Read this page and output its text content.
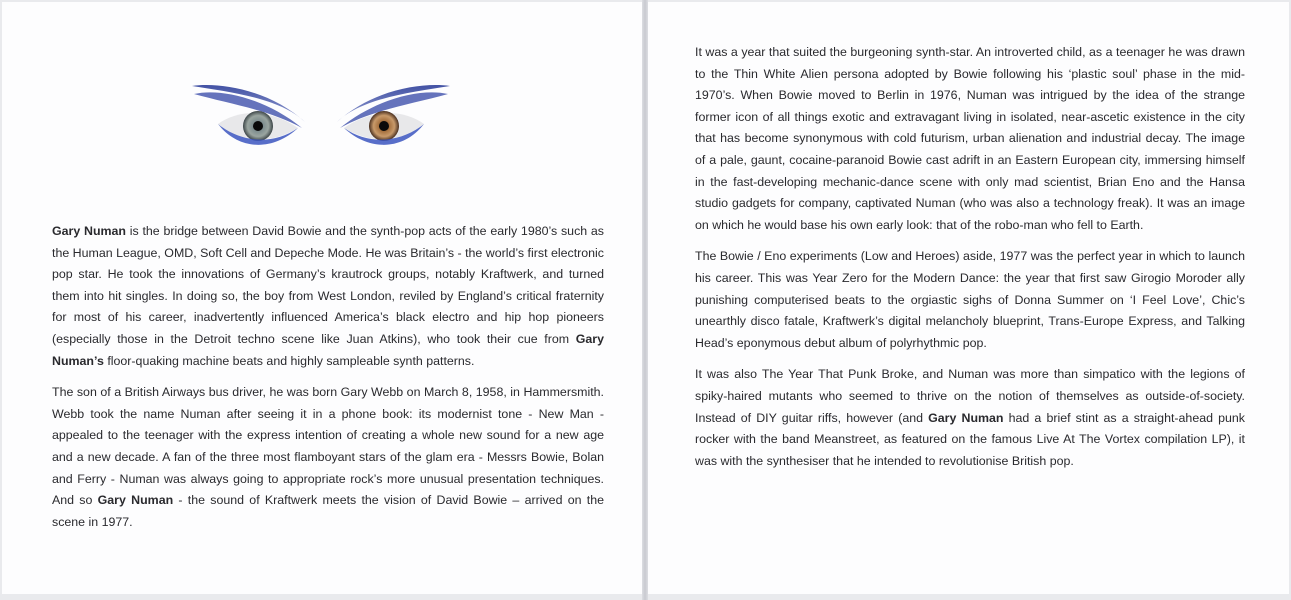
Gary Numan is the bridge between David Bowie and the synth-pop acts of the early 1980’s such as the Human League, OMD, Soft Cell and Depeche Mode. He was Britain’s - the world’s first electronic pop star. He took the innovations of Germany’s krautrock groups, notably Kraftwerk, and turned them into hit singles. In doing so, the boy from West London, reviled by England’s critical fraternity for most of his career, inadvertently influenced America’s black electro and hip hop pioneers (especially those in the Detroit techno scene like Juan Atkins), who took their cue from Gary Numan’s floor-quaking machine beats and highly sampleable synth patterns.

The son of a British Airways bus driver, he was born Gary Webb on March 8, 1958, in Hammersmith. Webb took the name Numan after seeing it in a phone book: its modernist tone - New Man - appealed to the teenager with the express intention of creating a whole new sound for a new age and a new decade. A fan of the three most flamboyant stars of the glam era - Messrs Bowie, Bolan and Ferry - Numan was always going to appropriate rock’s more unusual presentation techniques. And so Gary Numan - the sound of Kraftwerk meets the vision of David Bowie – arrived on the scene in 1977.

It was a year that suited the burgeoning synth-star. An introverted child, as a teenager he was drawn to the Thin White Alien persona adopted by Bowie following his ‘plastic soul’ phase in the mid-1970’s. When Bowie moved to Berlin in 1976, Numan was intrigued by the idea of the strange former icon of all things exotic and extravagant living in isolated, near-ascetic existence in the city that has become synonymous with cold futurism, urban alienation and industrial decay. The image of a pale, gaunt, cocaine-paranoid Bowie cast adrift in an Eastern European city, immersing himself in the fast-developing mechanic-dance scene with only mad scientist, Brian Eno and the Hansa studio gadgets for company, captivated Numan (who was also a technology freak). It was an image on which he would base his own early look: that of the robo-man who fell to Earth.

The Bowie / Eno experiments (Low and Heroes) aside, 1977 was the perfect year in which to launch his career. This was Year Zero for the Modern Dance: the year that first saw Girogio Moroder ally punishing computerised beats to the orgiastic sighs of Donna Summer on ‘I Feel Love’, Chic’s unearthly disco fatale, Kraftwerk’s digital melancholy blueprint, Trans-Europe Express, and Talking Head’s eponymous debut album of polyrhythmic pop.

It was also The Year That Punk Broke, and Numan was more than simpatico with the legions of spiky-haired mutants who seemed to thrive on the notion of themselves as outside-of-society. Instead of DIY guitar riffs, however (and Gary Numan had a brief stint as a straight-ahead punk rocker with the band Meanstreet, as featured on the famous Live At The Vortex compilation LP), it was with the synthesiser that he intended to revolutionise British pop.
